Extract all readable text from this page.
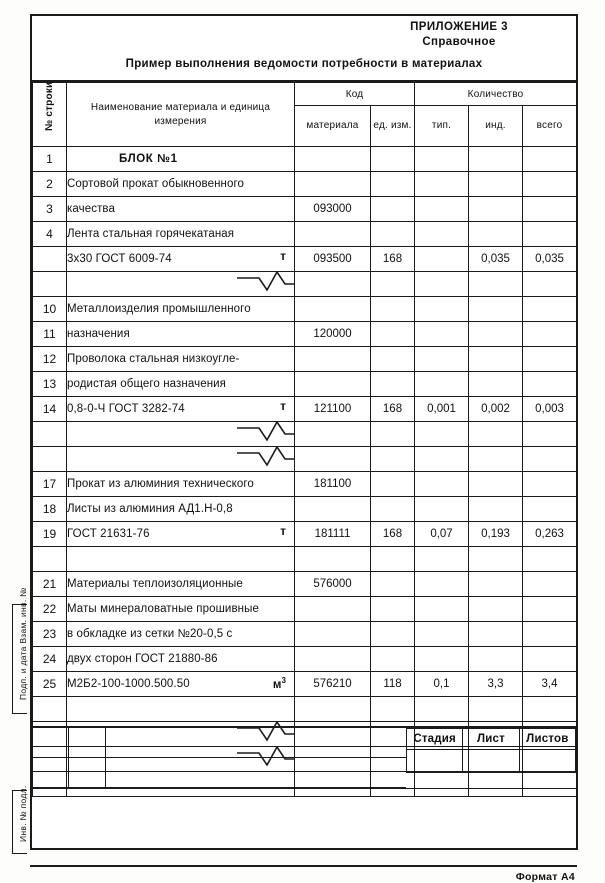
Подп. и дата Взам. инв. №
Инв. № подл.
ПРИЛОЖЕНИЕ 3
Справочное
Пример выполнения ведомости потребности в материалах
№ строки	Наименование материала и единица измерения	Код		Количество		
		материала	ед. изм.	тип.	инд.	всего
1	БЛОК №1					
2	Сортовой прокат обыкновенного					
3	качества	093000				
4	Лента стальная горячекатаная					
	3х30 ГОСТ 6009-74 т	093500	168		0,035	0,035

10	Металлоизделия промышленного					
11	назначения	120000				
12	Проволока стальная низкоугле-					
13	родистая общего назначения					
14	0,8-0-Ч ГОСТ 3282-74 т	121100	168	0,001	0,002	0,003

17	Прокат из алюминия технического	181100				
18	Листы из алюминия АД1.Н-0,8					
19	ГОСТ 21631-76 т	181111	168	0,07	0,193	0,263

21	Материалы теплоизоляционные	576000				
22	Маты минераловатные прошивные					
23	в обкладке из сетки №20-0,5 с					
24	двух сторон ГОСТ 21880-86					
25	М2Б2-100-1000.500.50 $м^3$	576210	118	0,1	3,3	3,4

Стадия	Лист	Листов

Формат А4
